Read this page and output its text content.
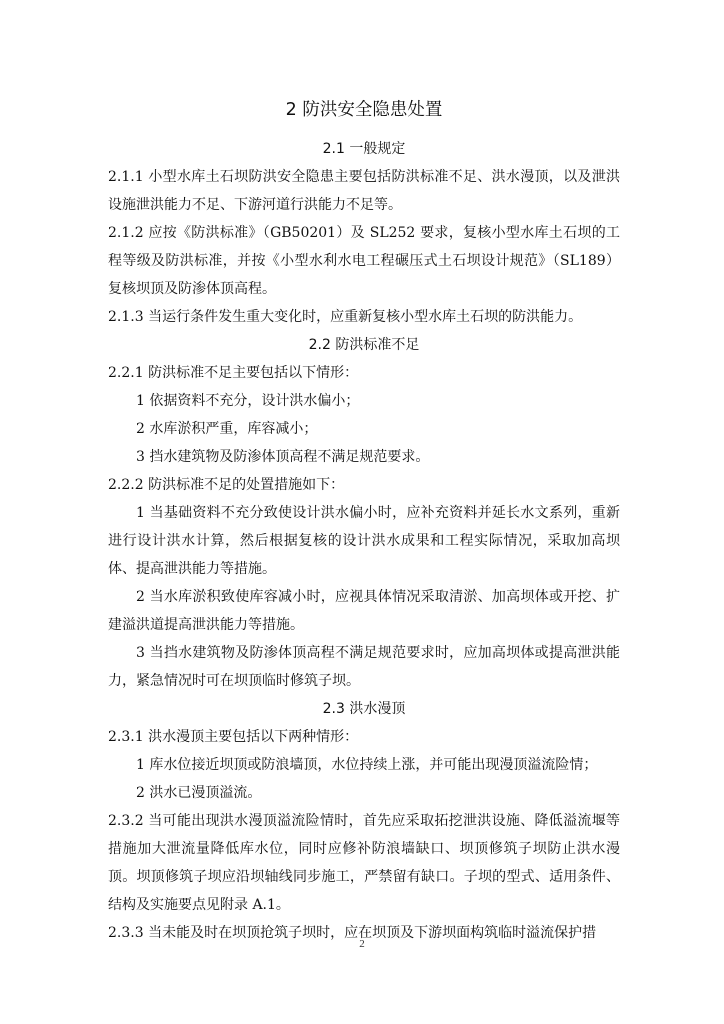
2 防洪安全隐患处置
2.1 一般规定

2.1.1 小型水库土石坝防洪安全隐患主要包括防洪标准不足、洪水漫顶，以及泄洪设施泄洪能力不足、下游河道行洪能力不足等。

2.1.2 应按《防洪标准》（GB50201）及 SL252 要求，复核小型水库土石坝的工程等级及防洪标准，并按《小型水利水电工程碾压式土石坝设计规范》（SL189）复核坝顶及防渗体顶高程。

2.1.3 当运行条件发生重大变化时，应重新复核小型水库土石坝的防洪能力。

2.2 防洪标准不足

2.2.1 防洪标准不足主要包括以下情形：

1 依据资料不充分，设计洪水偏小；

2 水库淤积严重，库容减小；

3 挡水建筑物及防渗体顶高程不满足规范要求。

2.2.2 防洪标准不足的处置措施如下：

1 当基础资料不充分致使设计洪水偏小时，应补充资料并延长水文系列，重新进行设计洪水计算，然后根据复核的设计洪水成果和工程实际情况，采取加高坝体、提高泄洪能力等措施。

2 当水库淤积致使库容减小时，应视具体情况采取清淤、加高坝体或开挖、扩建溢洪道提高泄洪能力等措施。

3 当挡水建筑物及防渗体顶高程不满足规范要求时，应加高坝体或提高泄洪能力，紧急情况时可在坝顶临时修筑子坝。

2.3 洪水漫顶

2.3.1 洪水漫顶主要包括以下两种情形：

1 库水位接近坝顶或防浪墙顶，水位持续上涨，并可能出现漫顶溢流险情；

2 洪水已漫顶溢流。

2.3.2 当可能出现洪水漫顶溢流险情时，首先应采取拓挖泄洪设施、降低溢流堰等措施加大泄流量降低库水位，同时应修补防浪墙缺口、坝顶修筑子坝防止洪水漫顶。坝顶修筑子坝应沿坝轴线同步施工，严禁留有缺口。子坝的型式、适用条件、结构及实施要点见附录 A.1。

2.3.3 当未能及时在坝顶抢筑子坝时，应在坝顶及下游坝面构筑临时溢流保护措

2
